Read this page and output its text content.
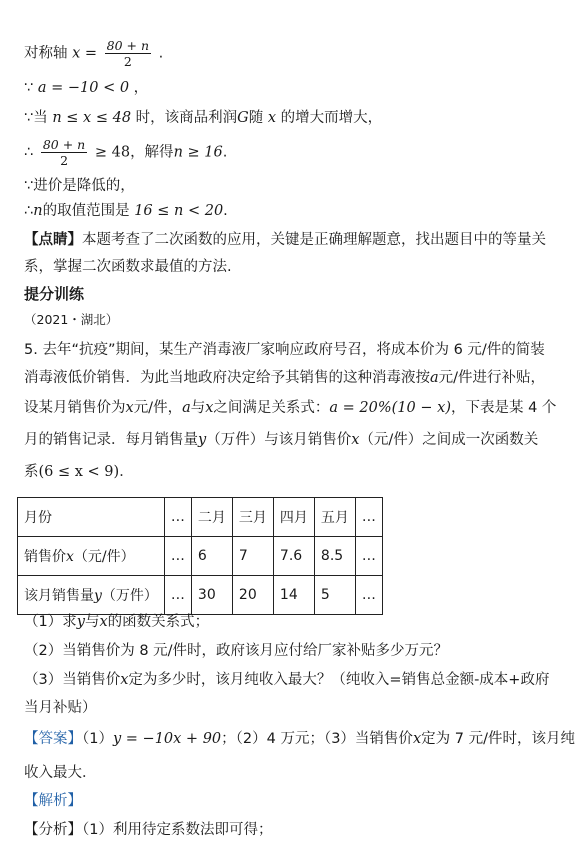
对称轴 $x = \frac{80 + n}{2}$ .
∵ a = −10 < 0 ，
∵当 n ≤ x ≤ 48 时，该商品利润G随 x 的增大而增大，
∴ $\frac{80 + n}{2} \ge 48$，解得n ≥ 16.
∵进价是降低的，
∴n的取值范围是 16 ≤ n < 20.
【点睛】本题考查了二次函数的应用，关键是正确理解题意，找出题目中的等量关
系，掌握二次函数求最值的方法.
提分训练
（2021・湖北）
5. 去年“抗疫”期间，某生产消毒液厂家响应政府号召，将成本价为 6 元/件的简装
消毒液低价销售．为此当地政府决定给予其销售的这种消毒液按a元/件进行补贴，
设某月销售价为x元/件，a与x之间满足关系式：a = 20%(10 − x)，下表是某 4 个
月的销售记录．每月销售量y（万件）与该月销售价x（元/件）之间成一次函数关
系(6 ≤ x < 9)．
月份	…	二月	三月	四月	五月	…
销售价x（元/件）	…	6	7	7.6	8.5	…
该月销售量y（万件）	…	30	20	14	5	…
（1）求y与x的函数关系式；
（2）当销售价为 8 元/件时，政府该月应付给厂家补贴多少万元？
（3）当销售价x定为多少时，该月纯收入最大？（纯收入=销售总金额-成本+政府
当月补贴）
【答案】（1）y = −10x + 90；（2）4 万元；（3）当销售价x定为 7 元/件时，该月纯
收入最大．
【解析】
【分析】（1）利用待定系数法即可得；
